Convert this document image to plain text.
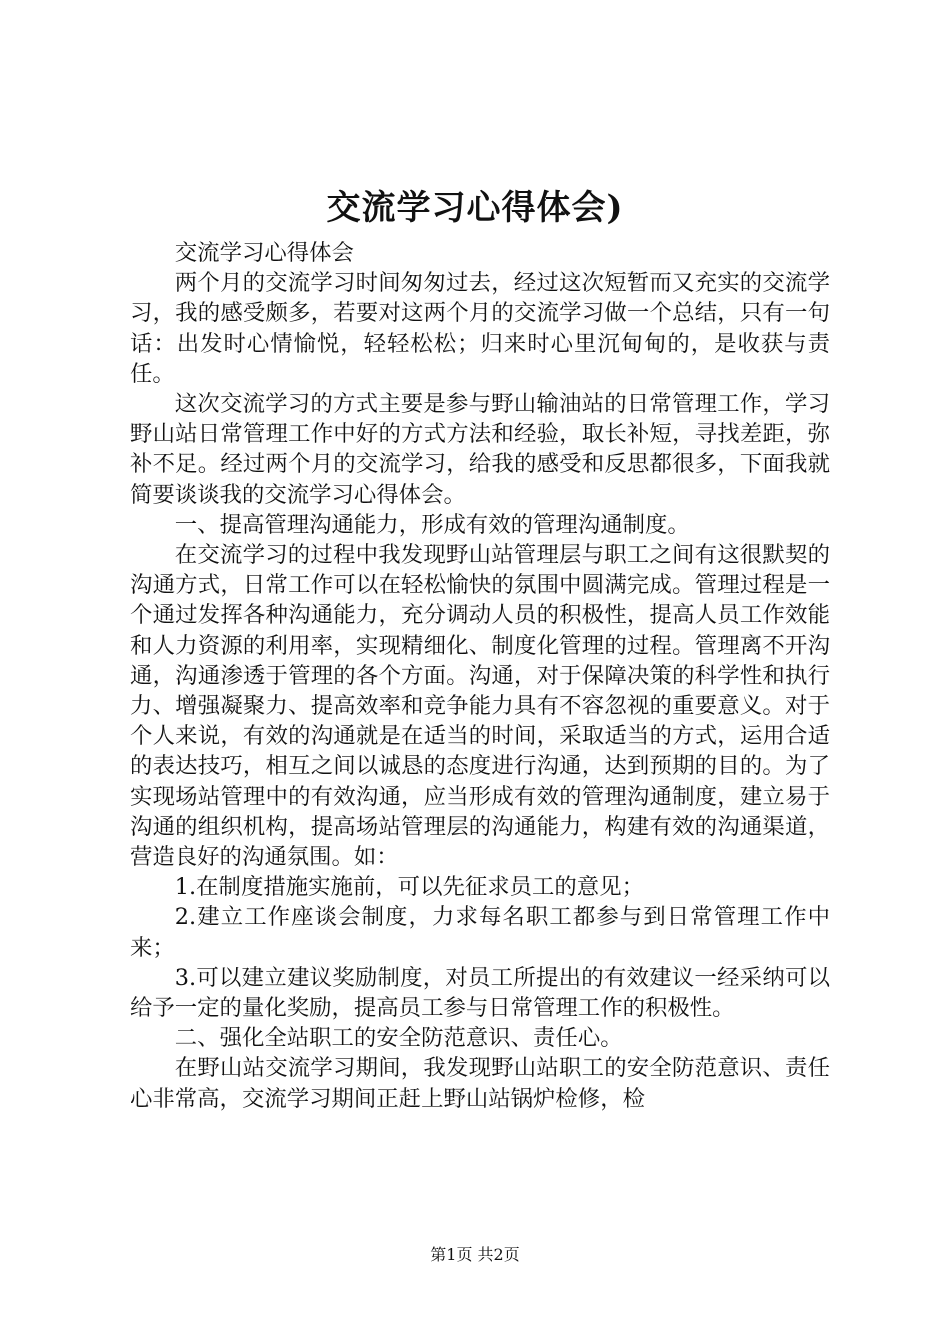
交流学习心得体会)

交流学习心得体会

两个月的交流学习时间匆匆过去，经过这次短暂而又充实的交流学习，我的感受颇多，若要对这两个月的交流学习做一个总结，只有一句话：出发时心情愉悦，轻轻松松；归来时心里沉甸甸的，是收获与责任。

这次交流学习的方式主要是参与野山输油站的日常管理工作，学习野山站日常管理工作中好的方式方法和经验，取长补短，寻找差距，弥补不足。经过两个月的交流学习，给我的感受和反思都很多，下面我就简要谈谈我的交流学习心得体会。

一、提高管理沟通能力，形成有效的管理沟通制度。

在交流学习的过程中我发现野山站管理层与职工之间有这很默契的沟通方式，日常工作可以在轻松愉快的氛围中圆满完成。管理过程是一个通过发挥各种沟通能力，充分调动人员的积极性，提高人员工作效能和人力资源的利用率，实现精细化、制度化管理的过程。管理离不开沟通，沟通渗透于管理的各个方面。沟通，对于保障决策的科学性和执行力、增强凝聚力、提高效率和竞争能力具有不容忽视的重要意义。对于个人来说，有效的沟通就是在适当的时间，采取适当的方式，运用合适的表达技巧，相互之间以诚恳的态度进行沟通，达到预期的目的。为了实现场站管理中的有效沟通，应当形成有效的管理沟通制度，建立易于沟通的组织机构，提高场站管理层的沟通能力，构建有效的沟通渠道，营造良好的沟通氛围。如：

1.在制度措施实施前，可以先征求员工的意见；

2.建立工作座谈会制度，力求每名职工都参与到日常管理工作中来；

3.可以建立建议奖励制度，对员工所提出的有效建议一经采纳可以给予一定的量化奖励，提高员工参与日常管理工作的积极性。

二、强化全站职工的安全防范意识、责任心。

在野山站交流学习期间，我发现野山站职工的安全防范意识、责任心非常高，交流学习期间正赶上野山站锅炉检修，检

第1页 共2页
